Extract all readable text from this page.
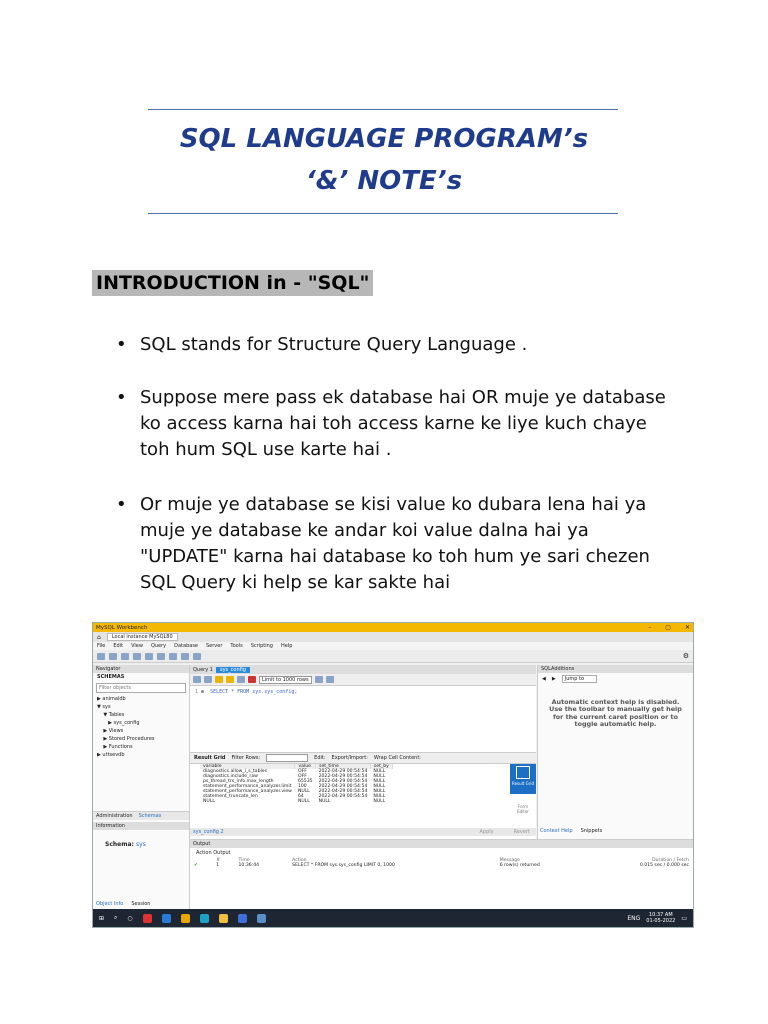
SQL LANGUAGE PROGRAM’s
‘&’ NOTE’s
INTRODUCTION in - "SQL"
• SQL stands for Structure Query Language .
• Suppose mere pass ek database hai OR muje ye database ko access karna hai toh access karne ke liye kuch chaye toh hum SQL use karte hai .
• Or muje ye database se kisi value ko dubara lena hai ya muje ye database ke andar koi value dalna hai ya "UPDATE" karna hai database ko toh hum ye sari chezen SQL Query ki help se kar sakte hai
MySQL Workbench	– ▢ ✕
⌂	Local instance MySQL80
File Edit View Query Database Server Tools Scripting Help
⚙
Navigator
SCHEMAS
Filter objects
▶ animaldb
▼ sys
▼ Tables
▶ sys_config
▶ Views
▶ Stored Procedures
▶ Functions
▶ uttsevdb
Administration Schemas
Information
Schema: sys
Object Info Session
Query 1	sys_config
Limit to 1000 rows
1 ● SELECT * FROM sys.sys_config;
Result Grid Filter Rows:	Edit: Export/Import: Wrap Cell Content:
variable	value	set_time	set_by
diagnostics.allow_i_s_tables	OFF	2022-04-29 00:54:54	NULL
diagnostics.include_raw	OFF	2022-04-29 00:54:54	NULL
ps_thread_trx_info.max_length	65535	2022-04-29 00:54:54	NULL
statement_performance_analyzer.limit	100	2022-04-29 00:54:54	NULL
statement_performance_analyzer.view	NULL	2022-04-29 00:54:54	NULL
statement_truncate_len	64	2022-04-29 00:54:54	NULL
NULL	NULL	NULL	NULL
Result Grid
Form Editor
sys_config 2	Apply	Revert
SQLAdditions
◀ ▶	Jump to
Automatic context help is disabled. Use the toolbar to manually get help for the current caret position or to toggle automatic help.
Context Help Snippets
Output
Action Output
	#	Time	Action	Message	Duration / Fetch
✔	1	10:36:44	SELECT * FROM sys.sys_config LIMIT 0, 1000	6 row(s) returned	0.015 sec / 0.000 sec
⊞ ⌕ ○	ENG	10:37 AM
01-05-2022 ▭
